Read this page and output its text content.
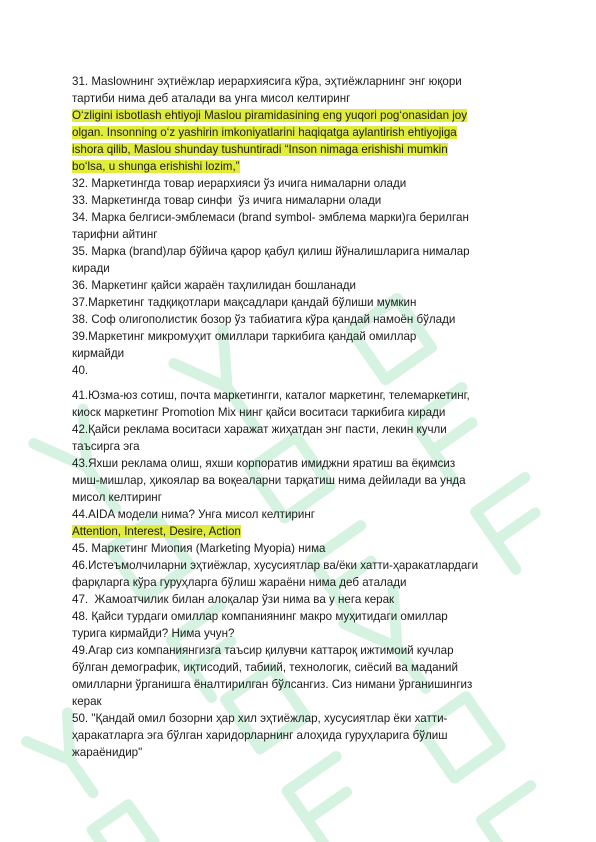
31. Maslowнинг эҳтиёжлар иерархиясига кўра, эҳтиёжларнинг энг юқори
тартиби нима деб аталади ва унга мисол келтиринг
O‘zligini isbotlash ehtiyoji Maslou piramidasining eng yuqori pog‘onasidan joy
olgan. Insonning o‘z yashirin imkoniyatlarini haqiqatga aylantirish ehtiyojiga
ishora qilib, Maslou shunday tushuntiradi “Inson nimaga erishishi mumkin
bo‘lsa, u shunga erishishi lozim,”
32. Маркетингда товар иерархияси ўз ичига нималарни олади
33. Маркетингда товар синфи  ўз ичига нималарни олади
34. Марка белгиси-эмблемаси (brand symbol- эмблема марки)га берилган
тарифни айтинг
35. Марка (brand)лар бўйича қарор қабул қилиш йўналишларига нималар
киради
36. Маркетинг қайси жараён таҳлилидан бошланади
37.Маркетинг тадқиқотлари мақсадлари қандай бўлиши мумкин
38. Соф олигополистик бозор ўз табиатига кўра қандай намоён бўлади
39.Маркетинг микромуҳит омиллари таркибига қандай омиллар
кирмайди
40.
41.Юзма-юз сотиш, почта маркетингги, каталог маркетинг, телемаркетинг,
киоск маркетинг Promotion Mix нинг қайси воситаси таркибига киради
42.Қайси реклама воситаси харажат жиҳатдан энг пасти, лекин кучли
таъсирга эга
43.Яхши реклама олиш, яхши корпоратив имиджни яратиш ва ёқимсиз
миш-мишлар, ҳикоялар ва воқеаларни тарқатиш нима дейилади ва унда
мисол келтиринг
44.AIDA модели нима? Унга мисол келтиринг
Attention, Interest, Desire, Action
45. Маркетинг Миопия (Marketing Myopia) нима
46.Истеъмолчиларни эҳтиёжлар, хусусиятлар ва/ёки хатти-ҳаракатлардаги
фарқларга кўра гуруҳларга бўлиш жараёни нима деб аталади
47.  Жамоатчилик билан алоқалар ўзи нима ва у нега керак
48. Қайси турдаги омиллар компаниянинг макро муҳитидаги омиллар
турига кирмайди? Нима учун?
49.Агар сиз компаниянгизга таъсир қилувчи каттароқ ижтимоий кучлар
бўлган демографик, иқтисодий, табиий, технологик, сиёсий ва маданий
омилларни ўрганишга ёналтирилган бўлсангиз. Сиз нимани ўрганишингиз
керак
50. "Қандай омил бозорни ҳар хил эҳтиёжлар, хусусиятлар ёки хатти-
ҳаракатларга эга бўлган харидорларнинг алоҳида гуруҳларига бўлиш
жараёнидир"
